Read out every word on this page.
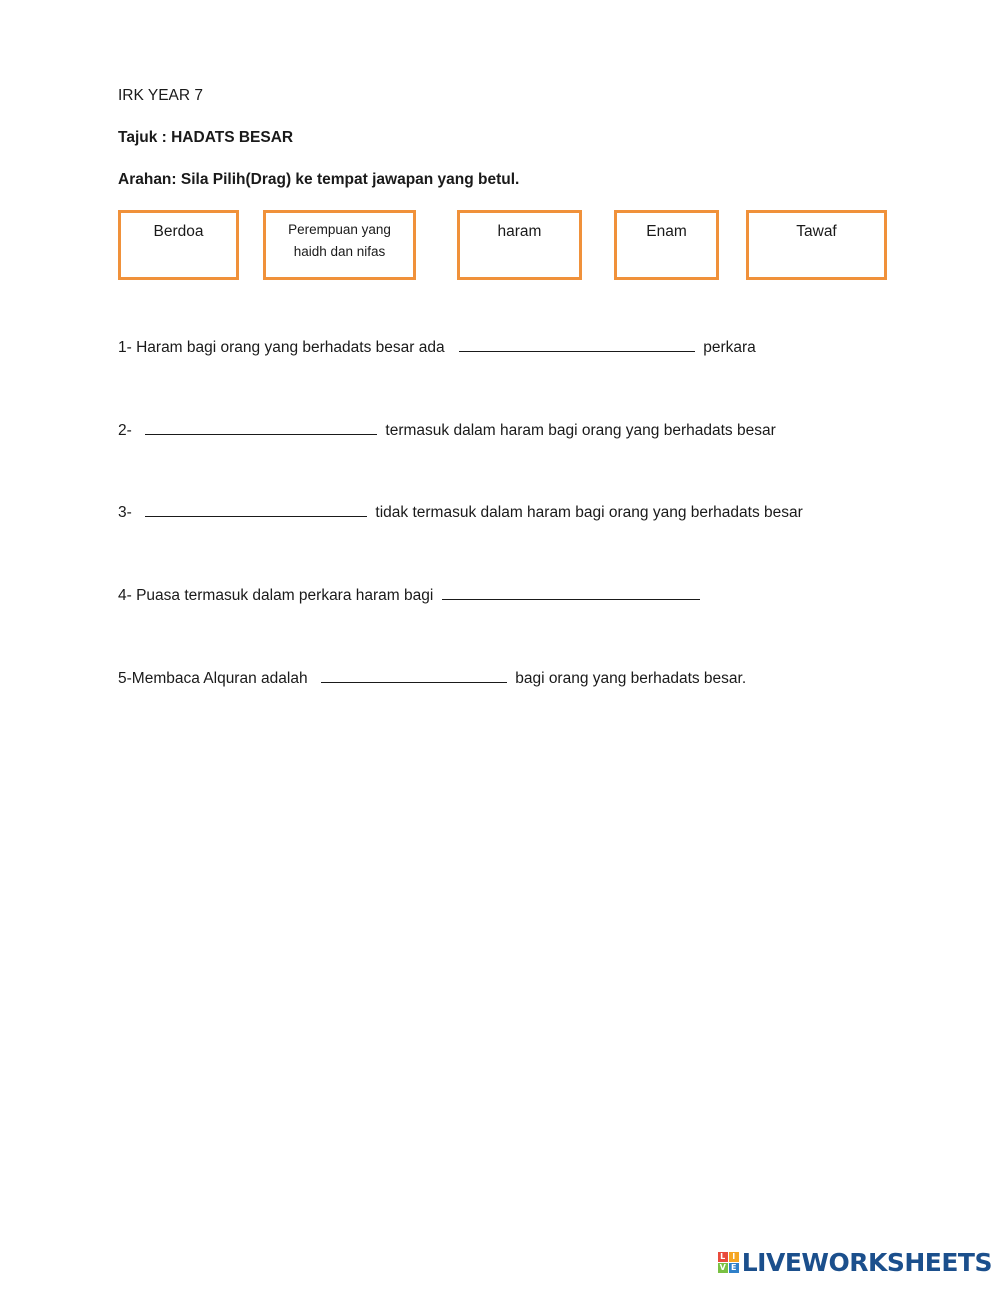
IRK YEAR 7
Tajuk : HADATS BESAR
Arahan: Sila Pilih(Drag) ke tempat jawapan yang betul.
Berdoa	Perempuan yang
haidh dan nifas
haram	Enam	Tawaf
1- Haram bagi orang yang berhadats besar ada	perkara
2-	termasuk dalam haram bagi orang yang berhadats besar
3-	tidak termasuk dalam haram bagi orang yang berhadats besar
4- Puasa termasuk dalam perkara haram bagi
5-Membaca Alquran adalah	bagi orang yang berhadats besar.
L I
V E LIVEWORKSHEETS
